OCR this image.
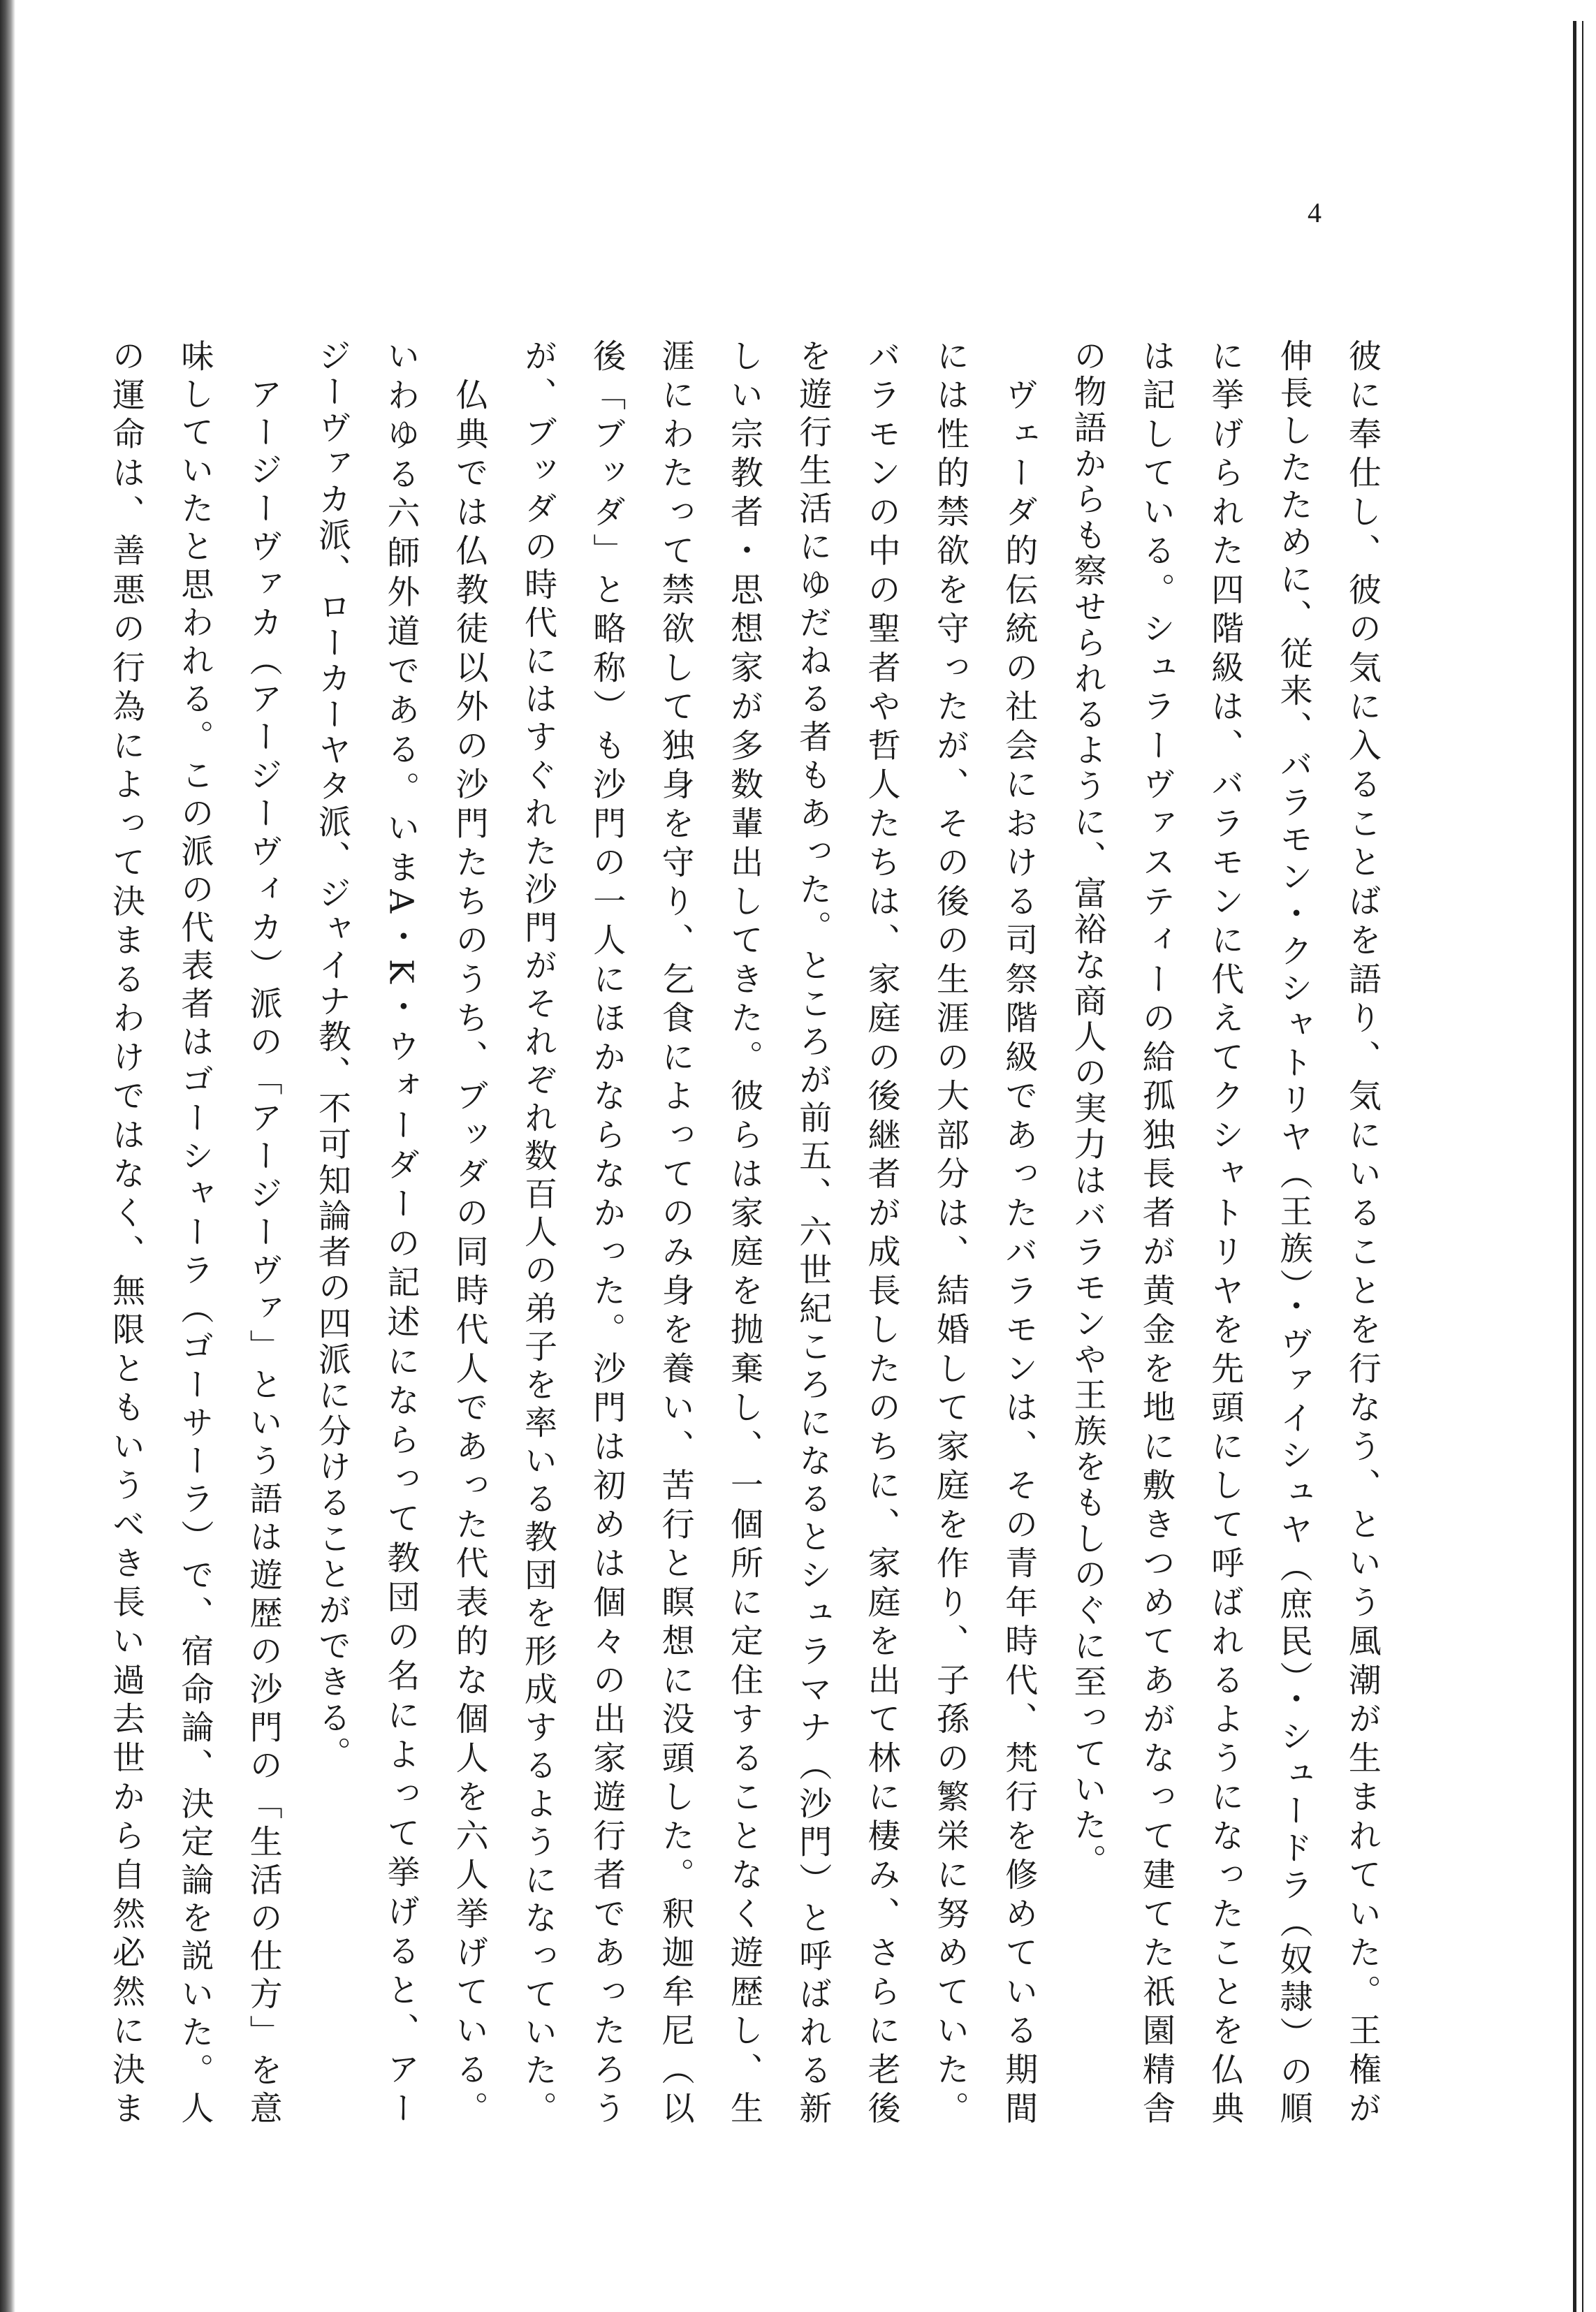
4
彼に奉仕し、彼の気に入ることばを語り、気にいることを行なう、という風潮が生まれていた。王権が
伸長したために、従来、バラモン・クシャトリヤ（王族）・ヴァイシュヤ（庶民）・シュードラ（奴隷）の順
に挙げられた四階級は、バラモンに代えてクシャトリヤを先頭にして呼ばれるようになったことを仏典
は記している。シュラーヴァスティーの給孤独長者が黄金を地に敷きつめてあがなって建てた祇園精舎
の物語からも察せられるように、富裕な商人の実力はバラモンや王族をもしのぐに至っていた。
　ヴェーダ的伝統の社会における司祭階級であったバラモンは、その青年時代、梵行を修めている期間
には性的禁欲を守ったが、その後の生涯の大部分は、結婚して家庭を作り、子孫の繁栄に努めていた。
バラモンの中の聖者や哲人たちは、家庭の後継者が成長したのちに、家庭を出て林に棲み、さらに老後
を遊行生活にゆだねる者もあった。ところが前五、六世紀ころになるとシュラマナ（沙門）と呼ばれる新
しい宗教者・思想家が多数輩出してきた。彼らは家庭を抛棄し、一個所に定住することなく遊歴し、生
涯にわたって禁欲して独身を守り、乞食によってのみ身を養い、苦行と瞑想に没頭した。釈迦牟尼（以
後「ブッダ」と略称）も沙門の一人にほかならなかった。沙門は初めは個々の出家遊行者であったろう
が、ブッダの時代にはすぐれた沙門がそれぞれ数百人の弟子を率いる教団を形成するようになっていた。
　仏典では仏教徒以外の沙門たちのうち、ブッダの同時代人であった代表的な個人を六人挙げている。
いわゆる六師外道である。いまA・K・ウォーダーの記述にならって教団の名によって挙げると、アー
ジーヴァカ派、ローカーヤタ派、ジャイナ教、不可知論者の四派に分けることができる。
　アージーヴァカ（アージーヴィカ）派の「アージーヴァ」という語は遊歴の沙門の「生活の仕方」を意
味していたと思われる。この派の代表者はゴーシャーラ（ゴーサーラ）で、宿命論、決定論を説いた。人
の運命は、善悪の行為によって決まるわけではなく、無限ともいうべき長い過去世から自然必然に決ま
